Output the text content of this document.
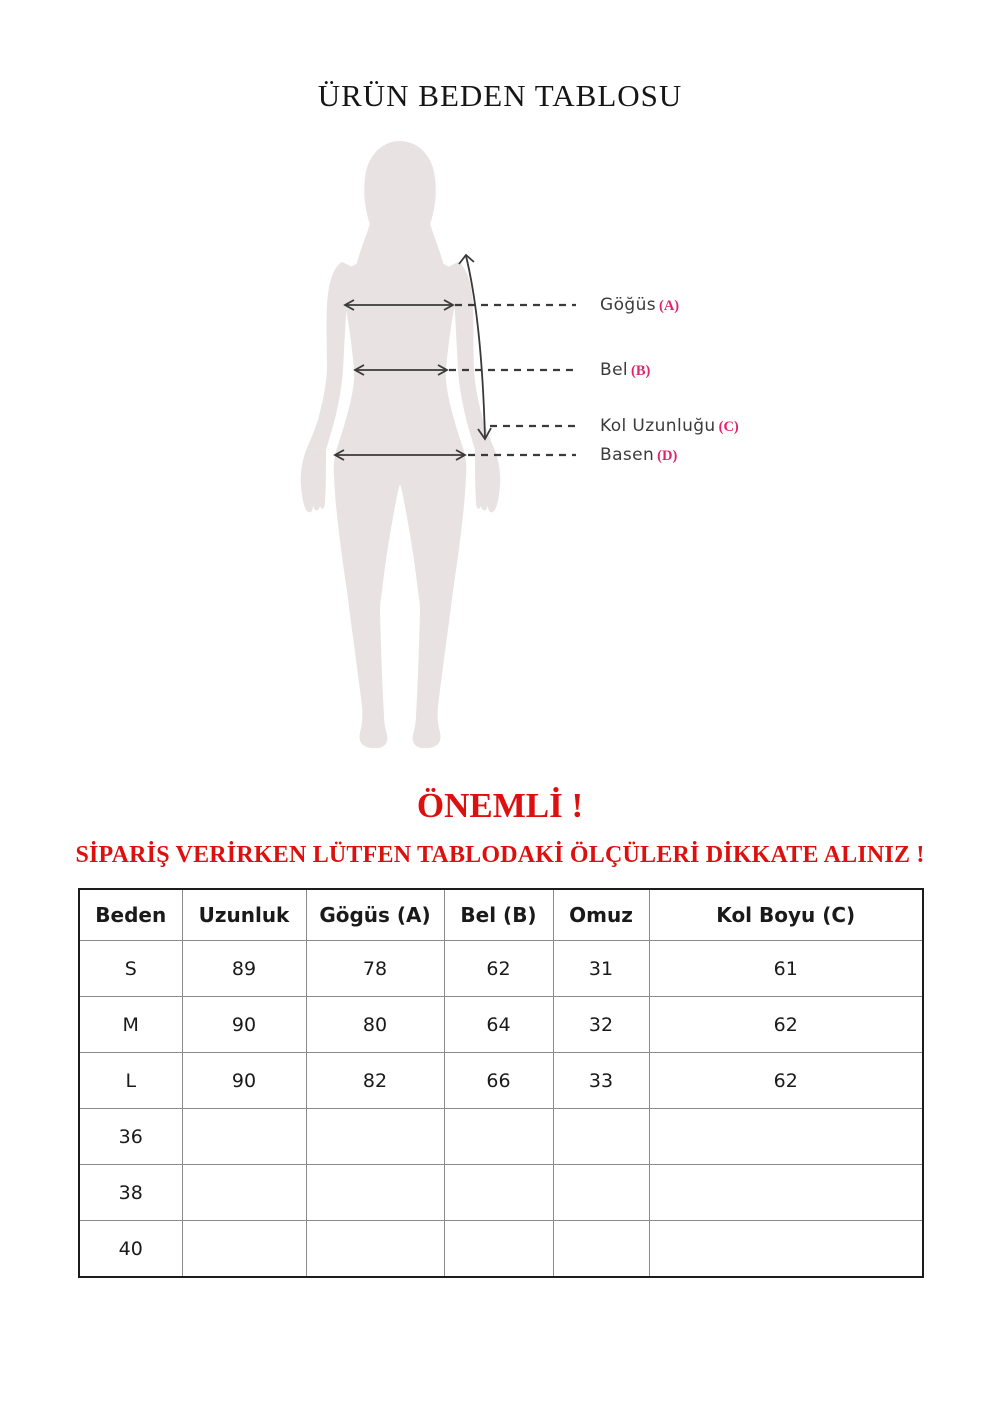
ÜRÜN BEDEN TABLOSU
Göğüs (A)
Bel (B)
Kol Uzunluğu (C)
Basen (D)
ÖNEMLİ !
SİPARİŞ VERİRKEN LÜTFEN TABLODAKİ ÖLÇÜLERİ DİKKATE ALINIZ !
Beden	Uzunluk	Gögüs (A)	Bel (B)	Omuz	Kol Boyu (C)
S	89	78	62	31	61
M	90	80	64	32	62
L	90	82	66	33	62
36					
38					
40					
